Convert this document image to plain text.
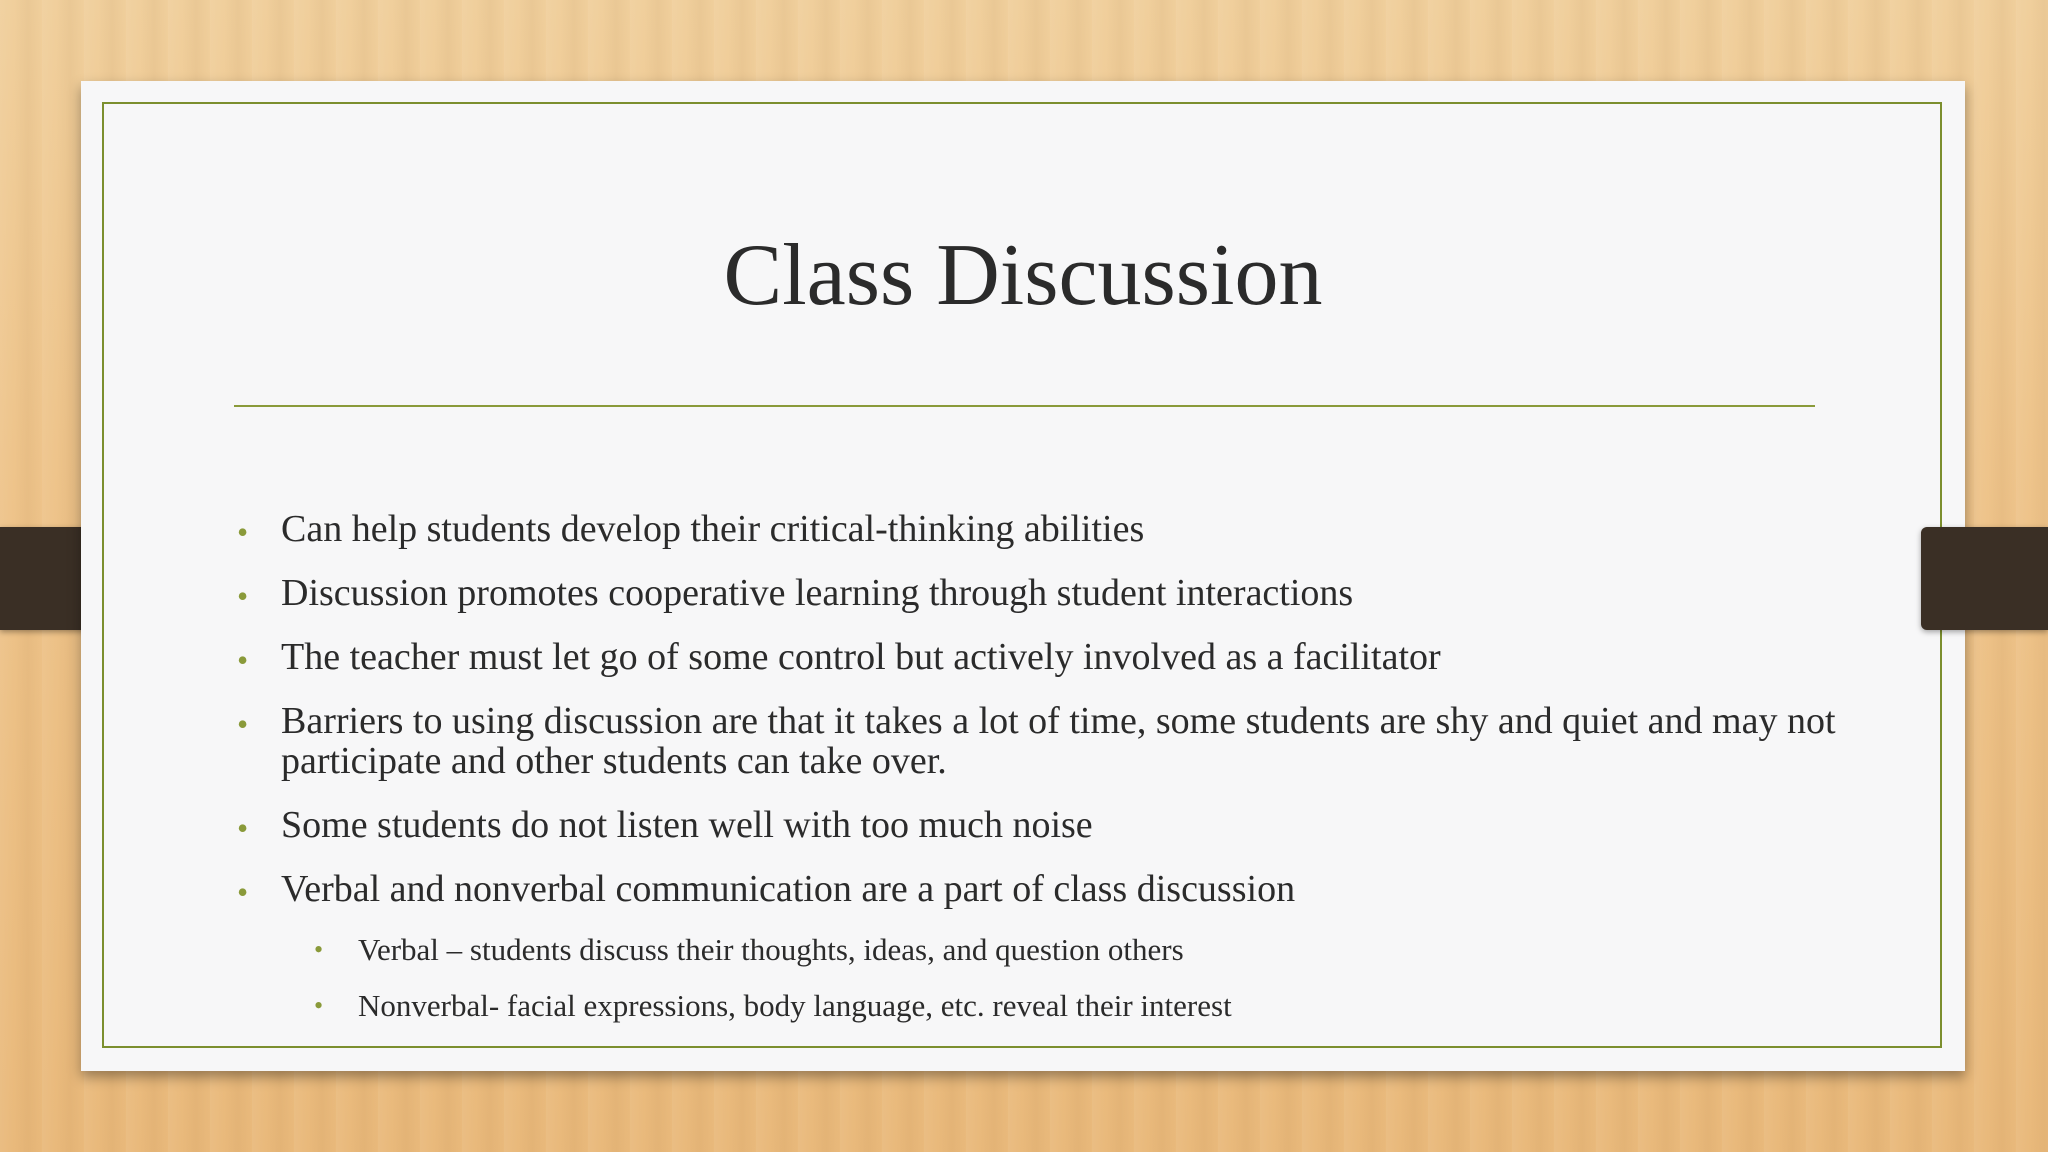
Class Discussion
• Can help students develop their critical-thinking abilities
• Discussion promotes cooperative learning through student interactions
• The teacher must let go of some control but actively involved as a facilitator
• Barriers to using discussion are that it takes a lot of time, some students are shy and quiet and may not participate and other students can take over.
• Some students do not listen well with too much noise
• Verbal and nonverbal communication are a part of class discussion
• Verbal – students discuss their thoughts, ideas, and question others
• Nonverbal- facial expressions, body language, etc. reveal their interest
